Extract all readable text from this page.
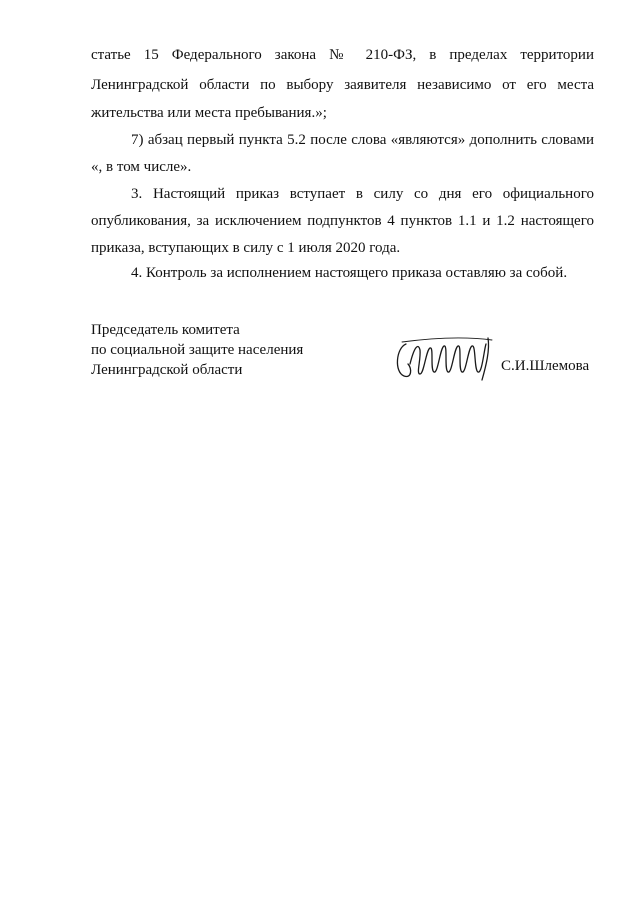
статье 15 Федерального закона № 210-ФЗ, в пределах территории
Ленинградской области по выбору заявителя независимо от его места
жительства или места пребывания.»;
7) абзац первый пункта 5.2 после слова «являются» дополнить словами
«, в том числе».
3. Настоящий приказ вступает в силу со дня его официального
опубликования, за исключением подпунктов 4 пунктов 1.1 и 1.2 настоящего
приказа, вступающих в силу с 1 июля 2020 года.
4. Контроль за исполнением настоящего приказа оставляю за собой.
Председатель комитета
по социальной защите населения
Ленинградской области	С.И.Шлемова
